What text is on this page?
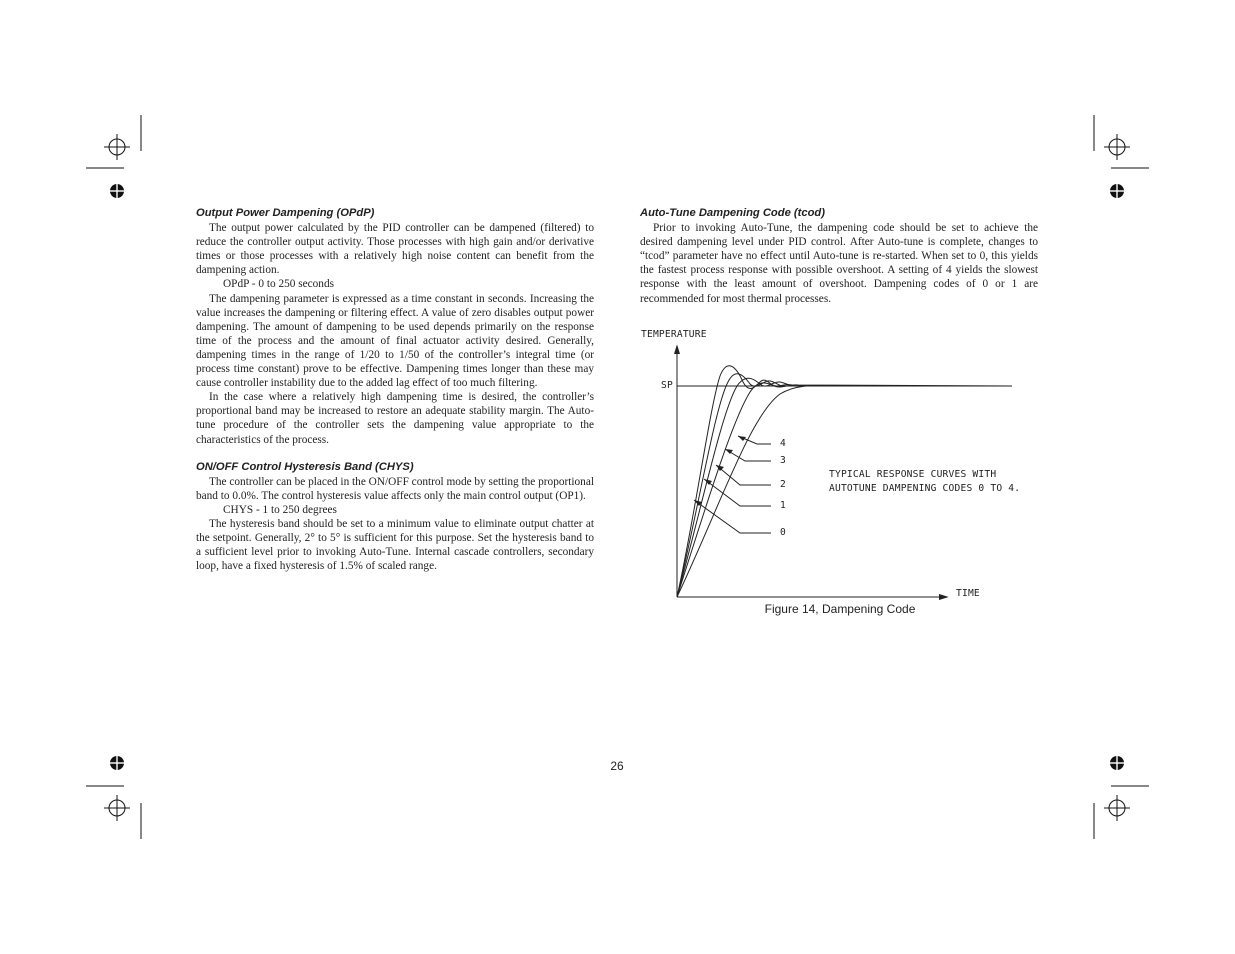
Output Power Dampening (OPdP)

The output power calculated by the PID controller can be dampened (filtered) to reduce the controller output activity. Those processes with high gain and/or derivative times or those processes with a relatively high noise content can benefit from the dampening action.

OPdP - 0 to 250 seconds

The dampening parameter is expressed as a time constant in seconds. Increasing the value increases the dampening or filtering effect. A value of zero disables output power dampening. The amount of dampening to be used depends primarily on the response time of the process and the amount of final actuator activity desired. Generally, dampening times in the range of 1/20 to 1/50 of the controller’s integral time (or process time constant) prove to be effective. Dampening times longer than these may cause controller instability due to the added lag effect of too much filtering.

In the case where a relatively high dampening time is desired, the controller’s proportional band may be increased to restore an adequate stability margin. The Auto-tune procedure of the controller sets the dampening value appropriate to the characteristics of the process.

ON/OFF Control Hysteresis Band (CHYS)

The controller can be placed in the ON/OFF control mode by setting the proportional band to 0.0%. The control hysteresis value affects only the main control output (OP1).

CHYS - 1 to 250 degrees

The hysteresis band should be set to a minimum value to eliminate output chatter at the setpoint. Generally, 2° to 5° is sufficient for this purpose. Set the hysteresis band to a sufficient level prior to invoking Auto-Tune. Internal cascade controllers, secondary loop, have a fixed hysteresis of 1.5% of scaled range.

Auto-Tune Dampening Code (tcod)

Prior to invoking Auto-Tune, the dampening code should be set to achieve the desired dampening level under PID control. After Auto-tune is complete, changes to “tcod” parameter have no effect until Auto-tune is re-started. When set to 0, this yields the fastest process response with possible overshoot. A setting of 4 yields the slowest response with the least amount of overshoot. Dampening codes of 0 or 1 are recommended for most thermal processes.

TEMPERATURE
TIME
SP
4
3
2
1
0
TYPICAL RESPONSE CURVES WITH
AUTOTUNE DAMPENING CODES 0 TO 4.
Figure 14, Dampening Code
26
